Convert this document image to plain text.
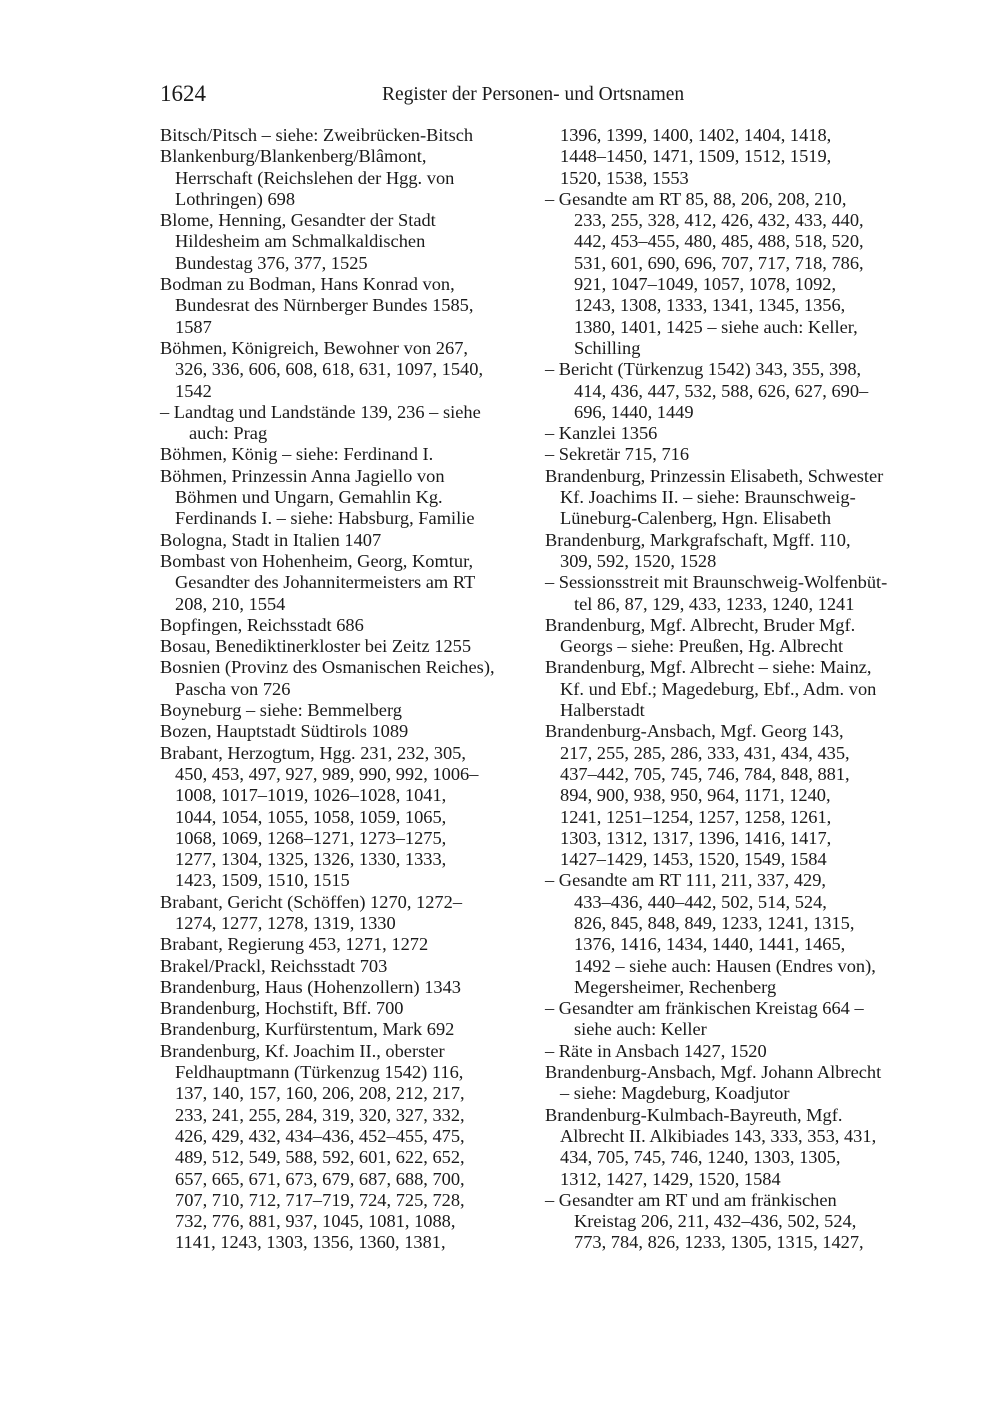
1624	Register der Personen- und Ortsnamen
Bitsch/Pitsch – siehe: Zweibrücken-Bitsch
Blankenburg/Blankenberg/Blâmont,
Herrschaft (Reichslehen der Hgg. von
Lothringen) 698
Blome, Henning, Gesandter der Stadt
Hildesheim am Schmalkaldischen
Bundestag 376, 377, 1525
Bodman zu Bodman, Hans Konrad von,
Bundesrat des Nürnberger Bundes 1585,
1587
Böhmen, Königreich, Bewohner von 267,
326, 336, 606, 608, 618, 631, 1097, 1540,
1542
– Landtag und Landstände 139, 236 – siehe
auch: Prag
Böhmen, König – siehe: Ferdinand I.
Böhmen, Prinzessin Anna Jagiello von
Böhmen und Ungarn, Gemahlin Kg.
Ferdinands I. – siehe: Habsburg, Familie
Bologna, Stadt in Italien 1407
Bombast von Hohenheim, Georg, Komtur,
Gesandter des Johannitermeisters am RT
208, 210, 1554
Bopfingen, Reichsstadt 686
Bosau, Benediktinerkloster bei Zeitz 1255
Bosnien (Provinz des Osmanischen Reiches),
Pascha von 726
Boyneburg – siehe: Bemmelberg
Bozen, Hauptstadt Südtirols 1089
Brabant, Herzogtum, Hgg. 231, 232, 305,
450, 453, 497, 927, 989, 990, 992, 1006–
1008, 1017–1019, 1026–1028, 1041,
1044, 1054, 1055, 1058, 1059, 1065,
1068, 1069, 1268–1271, 1273–1275,
1277, 1304, 1325, 1326, 1330, 1333,
1423, 1509, 1510, 1515
Brabant, Gericht (Schöffen) 1270, 1272–
1274, 1277, 1278, 1319, 1330
Brabant, Regierung 453, 1271, 1272
Brakel/Prackl, Reichsstadt 703
Brandenburg, Haus (Hohenzollern) 1343
Brandenburg, Hochstift, Bff. 700
Brandenburg, Kurfürstentum, Mark 692
Brandenburg, Kf. Joachim II., oberster
Feldhauptmann (Türkenzug 1542) 116,
137, 140, 157, 160, 206, 208, 212, 217,
233, 241, 255, 284, 319, 320, 327, 332,
426, 429, 432, 434–436, 452–455, 475,
489, 512, 549, 588, 592, 601, 622, 652,
657, 665, 671, 673, 679, 687, 688, 700,
707, 710, 712, 717–719, 724, 725, 728,
732, 776, 881, 937, 1045, 1081, 1088,
1141, 1243, 1303, 1356, 1360, 1381,
1396, 1399, 1400, 1402, 1404, 1418,
1448–1450, 1471, 1509, 1512, 1519,
1520, 1538, 1553
– Gesandte am RT 85, 88, 206, 208, 210,
233, 255, 328, 412, 426, 432, 433, 440,
442, 453–455, 480, 485, 488, 518, 520,
531, 601, 690, 696, 707, 717, 718, 786,
921, 1047–1049, 1057, 1078, 1092,
1243, 1308, 1333, 1341, 1345, 1356,
1380, 1401, 1425 – siehe auch: Keller,
Schilling
– Bericht (Türkenzug 1542) 343, 355, 398,
414, 436, 447, 532, 588, 626, 627, 690–
696, 1440, 1449
– Kanzlei 1356
– Sekretär 715, 716
Brandenburg, Prinzessin Elisabeth, Schwester
Kf. Joachims II. – siehe: Braunschweig-
Lüneburg-Calenberg, Hgn. Elisabeth
Brandenburg, Markgrafschaft, Mgff. 110,
309, 592, 1520, 1528
– Sessionsstreit mit Braunschweig-Wolfenbüt-
tel 86, 87, 129, 433, 1233, 1240, 1241
Brandenburg, Mgf. Albrecht, Bruder Mgf.
Georgs – siehe: Preußen, Hg. Albrecht
Brandenburg, Mgf. Albrecht – siehe: Mainz,
Kf. und Ebf.; Magedeburg, Ebf., Adm. von
Halberstadt
Brandenburg-Ansbach, Mgf. Georg 143,
217, 255, 285, 286, 333, 431, 434, 435,
437–442, 705, 745, 746, 784, 848, 881,
894, 900, 938, 950, 964, 1171, 1240,
1241, 1251–1254, 1257, 1258, 1261,
1303, 1312, 1317, 1396, 1416, 1417,
1427–1429, 1453, 1520, 1549, 1584
– Gesandte am RT 111, 211, 337, 429,
433–436, 440–442, 502, 514, 524,
826, 845, 848, 849, 1233, 1241, 1315,
1376, 1416, 1434, 1440, 1441, 1465,
1492 – siehe auch: Hausen (Endres von),
Megersheimer, Rechenberg
– Gesandter am fränkischen Kreistag 664 –
siehe auch: Keller
– Räte in Ansbach 1427, 1520
Brandenburg-Ansbach, Mgf. Johann Albrecht
– siehe: Magdeburg, Koadjutor
Brandenburg-Kulmbach-Bayreuth, Mgf.
Albrecht II. Alkibiades 143, 333, 353, 431,
434, 705, 745, 746, 1240, 1303, 1305,
1312, 1427, 1429, 1520, 1584
– Gesandter am RT und am fränkischen
Kreistag 206, 211, 432–436, 502, 524,
773, 784, 826, 1233, 1305, 1315, 1427,
